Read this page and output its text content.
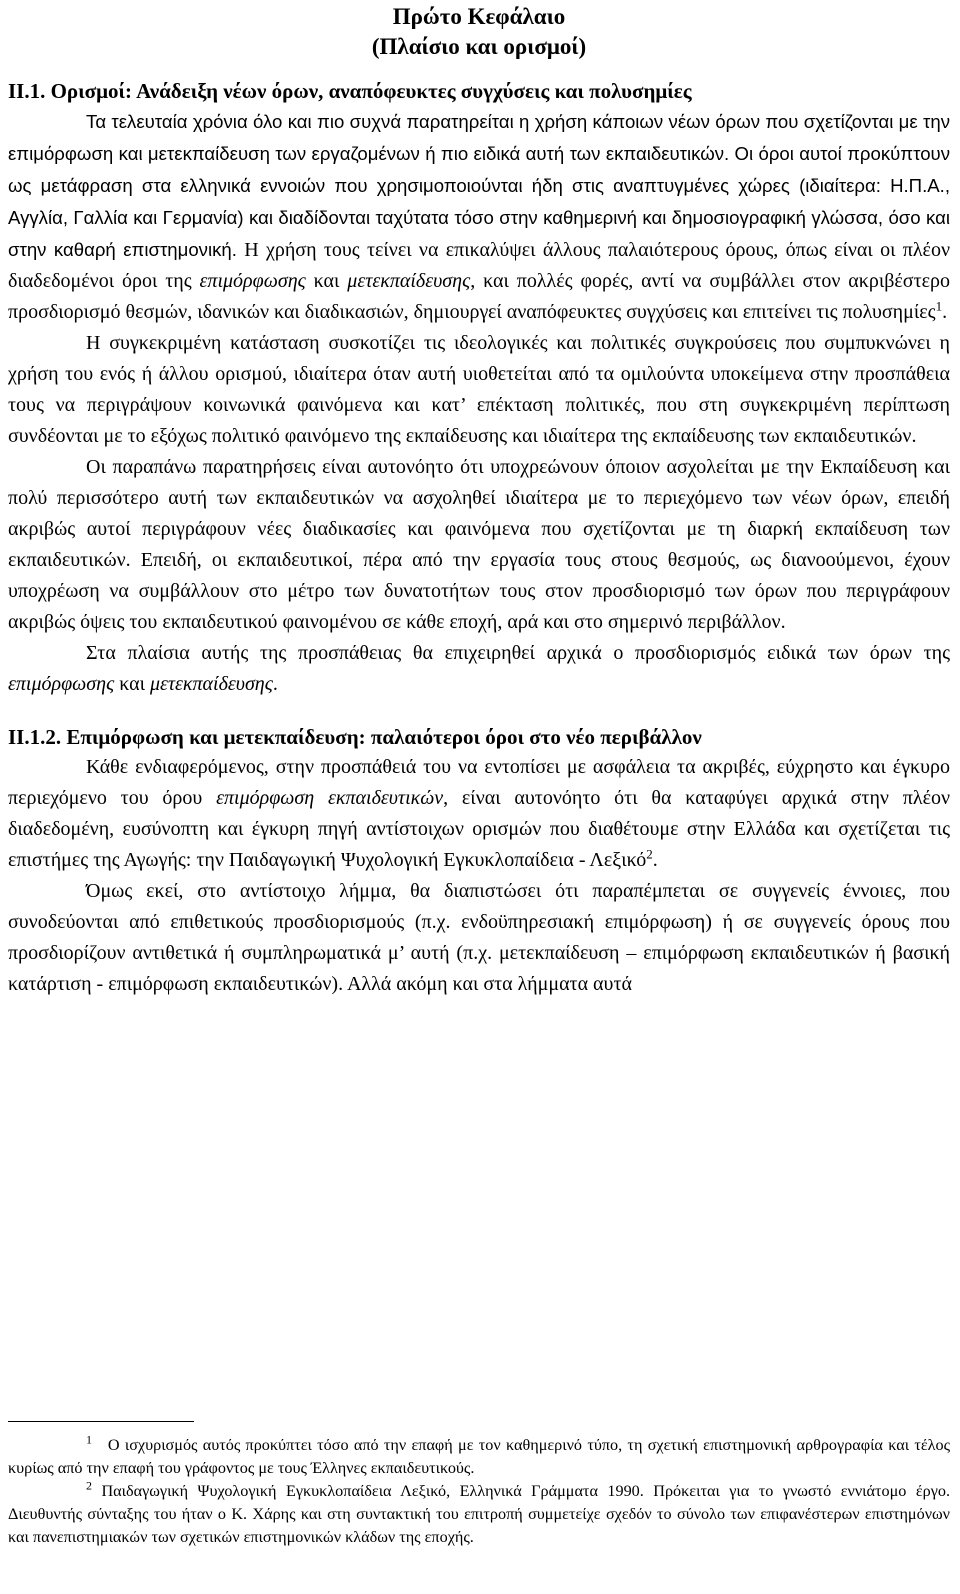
Πρώτο Κεφάλαιο
(Πλαίσιο και ορισμοί)
ΙΙ.1. Ορισμοί: Ανάδειξη νέων όρων, αναπόφευκτες συγχύσεις και πολυσημίες

Τα τελευταία χρόνια όλο και πιο συχνά παρατηρείται η χρήση κάποιων νέων όρων που σχετίζονται με την επιμόρφωση και μετεκπαίδευση των εργαζομένων ή πιο ειδικά αυτή των εκπαιδευτικών. Οι όροι αυτοί προκύπτουν ως μετάφραση στα ελληνικά εννοιών που χρησιμοποιούνται ήδη στις αναπτυγμένες χώρες (ιδιαίτερα: Η.Π.Α., Αγγλία, Γαλλία και Γερμανία) και διαδίδονται ταχύτατα τόσο στην καθημερινή και δημοσιογραφική γλώσσα, όσο και στην καθαρή επιστημονική. Η χρήση τους τείνει να επικαλύψει άλλους παλαιότερους όρους, όπως είναι οι πλέον διαδεδομένοι όροι της επιμόρφωσης και μετεκπαίδευσης, και πολλές φορές, αντί να συμβάλλει στον ακριβέστερο προσδιορισμό θεσμών, ιδανικών και διαδικασιών, δημιουργεί αναπόφευκτες συγχύσεις και επιτείνει τις πολυσημίες$^1$.

Η συγκεκριμένη κατάσταση συσκοτίζει τις ιδεολογικές και πολιτικές συγκρούσεις που συμπυκνώνει η χρήση του ενός ή άλλου ορισμού, ιδιαίτερα όταν αυτή υιοθετείται από τα ομιλούντα υποκείμενα στην προσπάθεια τους να περιγράψουν κοινωνικά φαινόμενα και κατ’ επέκταση πολιτικές, που στη συγκεκριμένη περίπτωση συνδέονται με το εξόχως πολιτικό φαινόμενο της εκπαίδευσης και ιδιαίτερα της εκπαίδευσης των εκπαιδευτικών.

Οι παραπάνω παρατηρήσεις είναι αυτονόητο ότι υποχρεώνουν όποιον ασχολείται με την Εκπαίδευση και πολύ περισσότερο αυτή των εκπαιδευτικών να ασχοληθεί ιδιαίτερα με το περιεχόμενο των νέων όρων, επειδή ακριβώς αυτοί περιγράφουν νέες διαδικασίες και φαινόμενα που σχετίζονται με τη διαρκή εκπαίδευση των εκπαιδευτικών. Επειδή, οι εκπαιδευτικοί, πέρα από την εργασία τους στους θεσμούς, ως διανοούμενοι, έχουν υποχρέωση να συμβάλλουν στο μέτρο των δυνατοτήτων τους στον προσδιορισμό των όρων που περιγράφουν ακριβώς όψεις του εκπαιδευτικού φαινομένου σε κάθε εποχή, αρά και στο σημερινό περιβάλλον.

Στα πλαίσια αυτής της προσπάθειας θα επιχειρηθεί αρχικά ο προσδιορισμός ειδικά των όρων της επιμόρφωσης και μετεκπαίδευσης.

ΙΙ.1.2. Επιμόρφωση και μετεκπαίδευση: παλαιότεροι όροι στο νέο περιβάλλον

Κάθε ενδιαφερόμενος, στην προσπάθειά του να εντοπίσει με ασφάλεια τα ακριβές, εύχρηστο και έγκυρο περιεχόμενο του όρου επιμόρφωση εκπαιδευτικών, είναι αυτονόητο ότι θα καταφύγει αρχικά στην πλέον διαδεδομένη, ευσύνοπτη και έγκυρη πηγή αντίστοιχων ορισμών που διαθέτουμε στην Ελλάδα και σχετίζεται τις επιστήμες της Αγωγής: την Παιδαγωγική Ψυχολογική Εγκυκλοπαίδεια - Λεξικό$^2$.

Όμως εκεί, στο αντίστοιχο λήμμα, θα διαπιστώσει ότι παραπέμπεται σε συγγενείς έννοιες, που συνοδεύονται από επιθετικούς προσδιορισμούς (π.χ. ενδοϋπηρεσιακή επιμόρφωση) ή σε συγγενείς όρους που προσδιορίζουν αντιθετικά ή συμπληρωματικά μ’ αυτή (π.χ. μετεκπαίδευση – επιμόρφωση εκπαιδευτικών ή βασική κατάρτιση - επιμόρφωση εκπαιδευτικών). Αλλά ακόμη και στα λήμματα αυτά

$^1$ Ο ισχυρισμός αυτός προκύπτει τόσο από την επαφή με τον καθημερινό τύπο, τη σχετική επιστημονική αρθρογραφία και τέλος κυρίως από την επαφή του γράφοντος με τους Έλληνες εκπαιδευτικούς.

$^2$ Παιδαγωγική Ψυχολογική Εγκυκλοπαίδεια Λεξικό, Ελληνικά Γράμματα 1990. Πρόκειται για το γνωστό εννιάτομο έργο. Διευθυντής σύνταξης του ήταν ο Κ. Χάρης και στη συντακτική του επιτροπή συμμετείχε σχεδόν το σύνολο των επιφανέστερων επιστημόνων και πανεπιστημιακών των σχετικών επιστημονικών κλάδων της εποχής.
